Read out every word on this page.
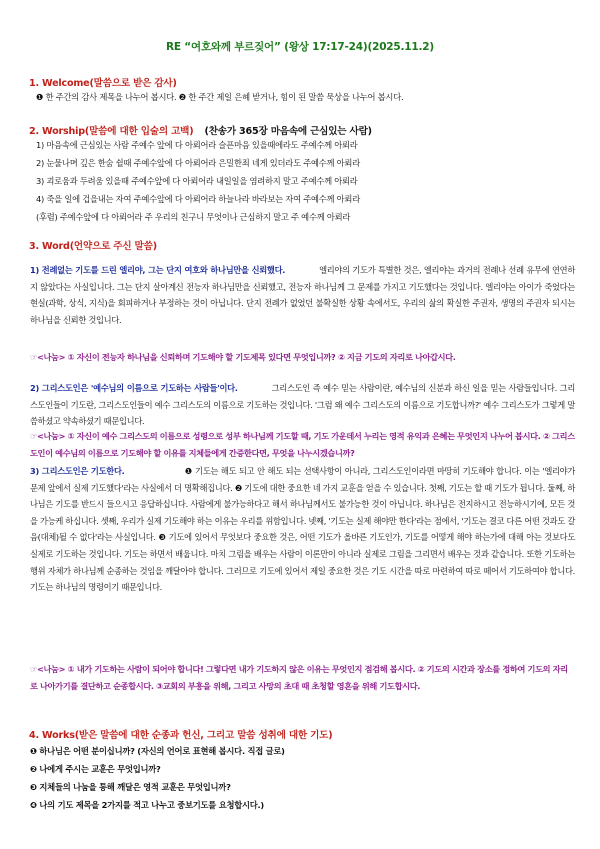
RE “여호와께 부르짖어” (왕상 17:17-24)(2025.11.2)
1. Welcome(말씀으로 받은 감사)
❶ 한 주간의 감사 제목을 나누어 봅시다. ❷ 한 주간 제일 은혜 받거나, 힘이 된 말씀 묵상을 나누어 봅시다.
2. Worship(말씀에 대한 입술의 고백) (찬송가 365장 마음속에 근심있는 사람)
1) 마음속에 근심있는 사람 주예수 앞에 다 아뢰어라 슬픈마음 있을때에라도 주예수께 아뢰라
2) 눈물나며 깊은 한숨 쉴때 주예수앞에 다 아뢰어라 은밀한죄 네게 있더라도 주예수께 아뢰라
3) 괴로움과 두려움 있을때 주예수앞에 다 아뢰어라 내일일을 염려하지 말고 주예수께 아뢰라
4) 죽을 일에 겁을내는 자여 주예수앞에 다 아뢰어라 하늘나라 바라보는 자여 주예수께 아뢰라
(후렴) 주예수앞에 다 아뢰어라 주 우리의 친구니 무엇이나 근심하지 말고 주 예수께 아뢰라
3. Word(언약으로 주신 말씀)
1) 전례없는 기도를 드린 엘리야, 그는 단지 여호와 하나님만을 신뢰했다.	엘리야의 기도가 특별한 것은, 엘리야는 과거의 전례나 선례 유무에 연연하지 않았다는 사실입니다. 그는 단지 살아계신 전능자 하나님만을 신뢰했고, 전능자 하나님께 그 문제를 가지고 기도했다는 것입니다. 엘리야는 아이가 죽었다는 현실(과학, 상식, 지식)을 회피하거나 부정하는 것이 아닙니다. 단지 전례가 없었던 불확실한 상황 속에서도, 우리의 삶의 확실한 주권자, 생명의 주권자 되시는 하나님을 신뢰한 것입니다.
☞<나눔> ① 자신이 전능자 하나님을 신뢰하며 기도해야 할 기도제목 있다면 무엇입니까? ② 지금 기도의 자리로 나아갑시다.
2) 그리스도인은 '예수님의 이름으로 기도하는 사람들'이다.	그리스도인 즉 예수 믿는 사람이란, 예수님의 신분과 하신 일을 믿는 사람들입니다. 그리스도인들이 기도란, 그리스도인들이 예수 그리스도의 이름으로 기도하는 것입니다. '그럼 왜 예수 그리스도의 이름으로 기도합니까?' 예수 그리스도가 그렇게 말씀하셨고 약속하셨기 때문입니다.
☞<나눔> ① 자신이 예수 그리스도의 이름으로 성령으로 성부 하나님께 기도할 때, 기도 가운데서 누리는 영적 유익과 은혜는 무엇인지 나누어 봅시다. ② 그리스도인이 예수님의 이름으로 기도해야 할 이유를 지체들에게 간증한다면, 무엇을 나누시겠습니까?
3) 그리스도인은 기도한다.	❶ 기도는 해도 되고 안 해도 되는 선택사항이 아니라, 그리스도인이라면 마땅히 기도해야 합니다. 이는 '엘리야가 문제 앞에서 실제 기도했다'라는 사실에서 더 명확해집니다. ❷ 기도에 대한 중요한 네 가지 교훈을 얻을 수 있습니다. 첫째, 기도는 할 때 기도가 됩니다. 둘째, 하나님은 기도를 반드시 들으시고 응답하십니다. 사람에게 불가능하다고 해서 하나님께서도 불가능한 것이 아닙니다. 하나님은 전지하시고 전능하시기에, 모든 것을 가능케 하십니다. 셋째, 우리가 실제 기도해야 하는 이유는 우리를 위함입니다. 넷째, '기도는 실제 해야만 한다'라는 점에서, '기도는 결코 다른 어떤 것과도 갈음(대체)될 수 없다'라는 사실입니다. ❸ 기도에 있어서 무엇보다 중요한 것은, 어떤 기도가 올바른 기도인가, 기도를 어떻게 해야 하는가에 대해 아는 것보다도 실제로 기도하는 것입니다. 기도는 하면서 배웁니다. 마치 그림을 배우는 사람이 이론만이 아니라 실제로 그림을 그리면서 배우는 것과 같습니다. 또한 기도하는 행위 자체가 하나님께 순종하는 것임을 깨달아야 합니다. 그러므로 기도에 있어서 제일 중요한 것은 기도 시간을 따로 마련하여 따로 떼어서 기도하여야 합니다. 기도는 하나님의 명령이기 때문입니다.
☞<나눔> ① 내가 기도하는 사람이 되어야 합니다! 그렇다면 내가 기도하지 않은 이유는 무엇인지 점검해 봅시다. ② 기도의 시간과 장소를 정하여 기도의 자리로 나아가기를 결단하고 순종합시다. ③교회의 부흥을 위해, 그리고 사망의 초대 때 초청할 영혼을 위해 기도합시다.
4. Works(받은 말씀에 대한 순종과 헌신, 그리고 말씀 성취에 대한 기도)
❶ 하나님은 어떤 분이십니까? (자신의 언어로 표현해 봅시다. 직접 글로)
❷ 나에게 주시는 교훈은 무엇입니까?
❸ 지체들의 나눔을 통해 깨달은 영적 교훈은 무엇입니까?
❹ 나의 기도 제목을 2가지를 적고 나누고 중보기도를 요청합시다.)
